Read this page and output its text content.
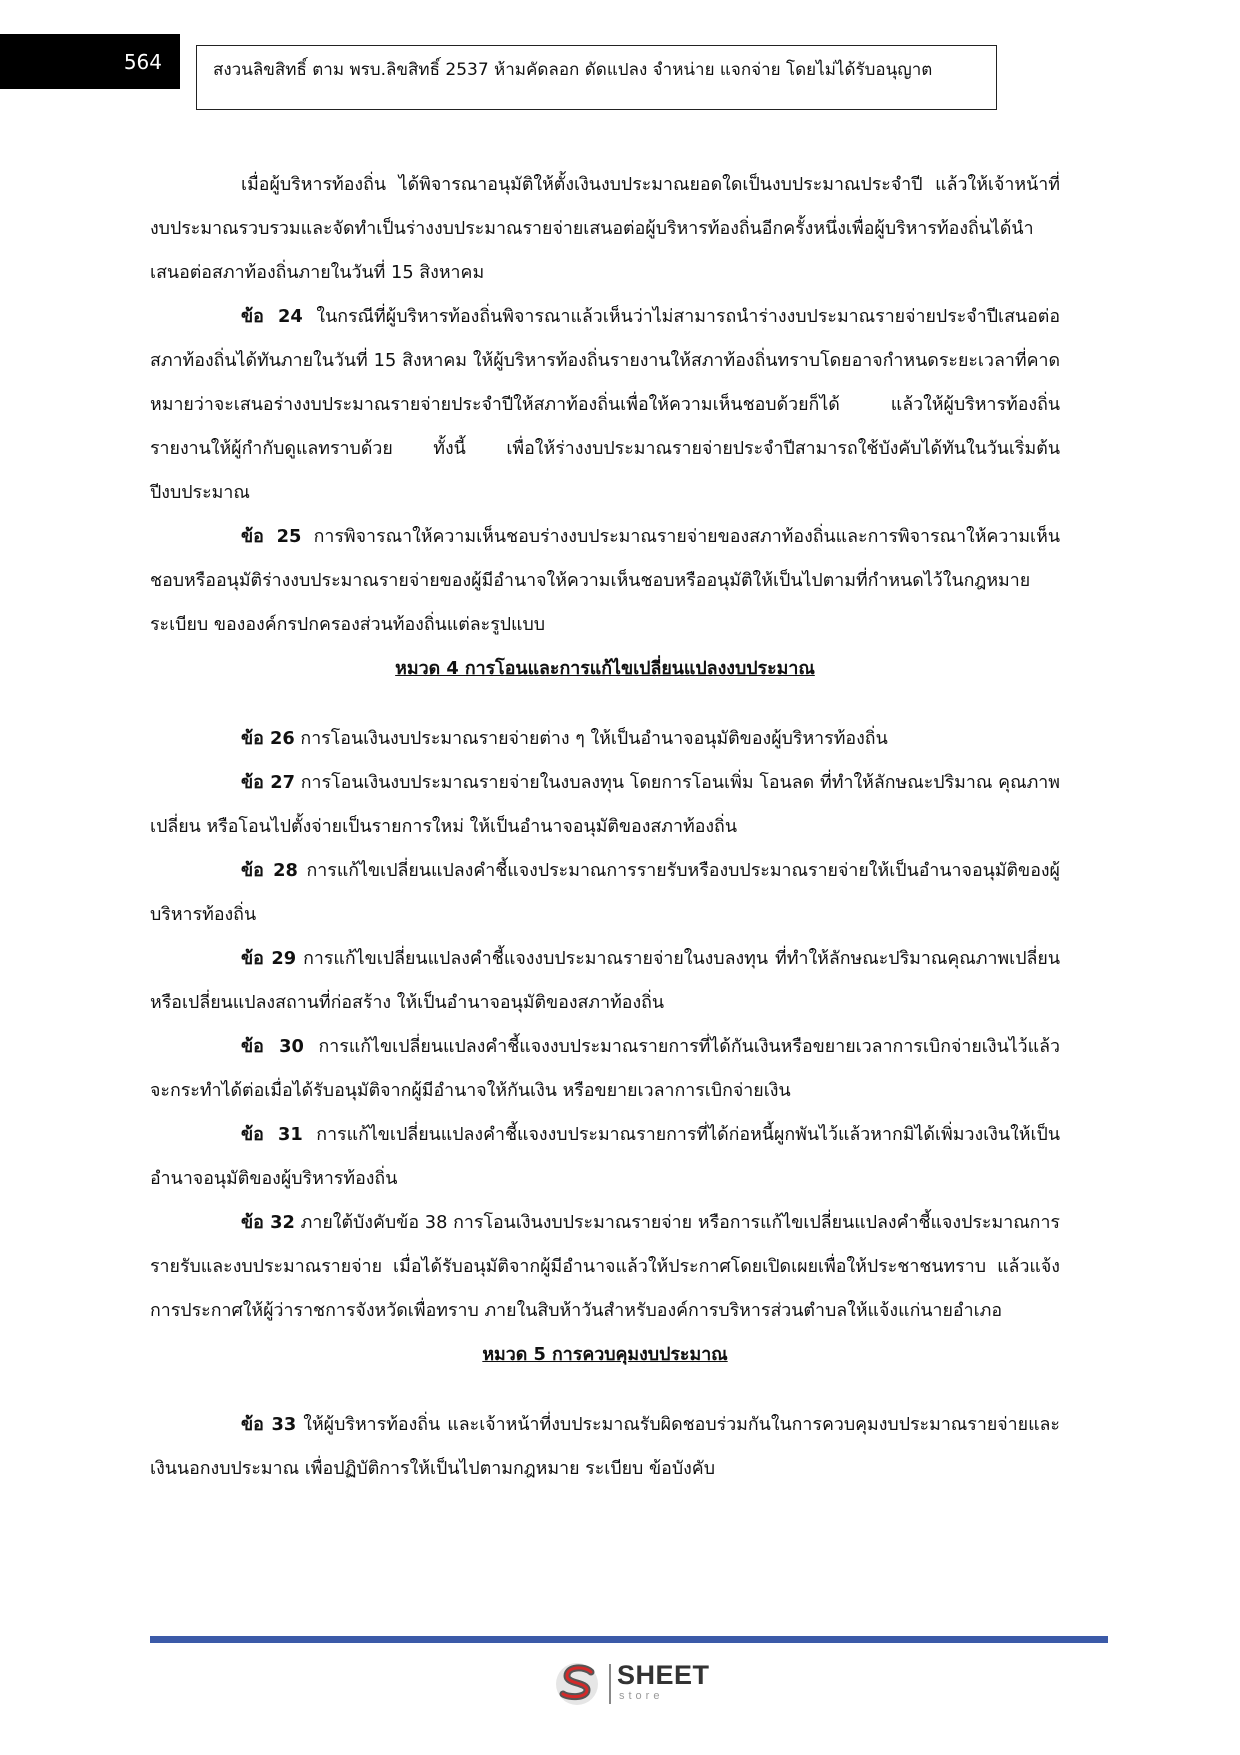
564	สงวนลิขสิทธิ์ ตาม พรบ.ลิขสิทธิ์ 2537 ห้ามคัดลอก ดัดแปลง จำหน่าย แจกจ่าย โดยไม่ได้รับอนุญาต

เมื่อผู้บริหารท้องถิ่น ได้พิจารณาอนุมัติให้ตั้งเงินงบประมาณยอดใดเป็นงบประมาณประจำปี แล้วให้เจ้าหน้าที่งบประมาณรวบรวมและจัดทำเป็นร่างงบประมาณรายจ่ายเสนอต่อผู้บริหารท้องถิ่นอีกครั้งหนึ่งเพื่อผู้บริหารท้องถิ่นได้นำเสนอต่อสภาท้องถิ่นภายในวันที่ 15 สิงหาคม

ข้อ 24 ในกรณีที่ผู้บริหารท้องถิ่นพิจารณาแล้วเห็นว่าไม่สามารถนำร่างงบประมาณรายจ่ายประจำปีเสนอต่อสภาท้องถิ่นได้ทันภายในวันที่ 15 สิงหาคม ให้ผู้บริหารท้องถิ่นรายงานให้สภาท้องถิ่นทราบโดยอาจกำหนดระยะเวลาที่คาดหมายว่าจะเสนอร่างงบประมาณรายจ่ายประจำปีให้สภาท้องถิ่นเพื่อให้ความเห็นชอบด้วยก็ได้ แล้วให้ผู้บริหารท้องถิ่นรายงานให้ผู้กำกับดูแลทราบด้วย ทั้งนี้ เพื่อให้ร่างงบประมาณรายจ่ายประจำปีสามารถใช้บังคับได้ทันในวันเริ่มต้นปีงบประมาณ

ข้อ 25 การพิจารณาให้ความเห็นชอบร่างงบประมาณรายจ่ายของสภาท้องถิ่นและการพิจารณาให้ความเห็นชอบหรืออนุมัติร่างงบประมาณรายจ่ายของผู้มีอำนาจให้ความเห็นชอบหรืออนุมัติให้เป็นไปตามที่กำหนดไว้ในกฎหมาย ระเบียบ ขององค์กรปกครองส่วนท้องถิ่นแต่ละรูปแบบ

หมวด 4 การโอนและการแก้ไขเปลี่ยนแปลงงบประมาณ

ข้อ 26 การโอนเงินงบประมาณรายจ่ายต่าง ๆ ให้เป็นอำนาจอนุมัติของผู้บริหารท้องถิ่น

ข้อ 27 การโอนเงินงบประมาณรายจ่ายในงบลงทุน โดยการโอนเพิ่ม โอนลด ที่ทำให้ลักษณะปริมาณ คุณภาพเปลี่ยน หรือโอนไปตั้งจ่ายเป็นรายการใหม่ ให้เป็นอำนาจอนุมัติของสภาท้องถิ่น

ข้อ 28 การแก้ไขเปลี่ยนแปลงคำชี้แจงประมาณการรายรับหรืองบประมาณรายจ่ายให้เป็นอำนาจอนุมัติของผู้บริหารท้องถิ่น

ข้อ 29 การแก้ไขเปลี่ยนแปลงคำชี้แจงงบประมาณรายจ่ายในงบลงทุน ที่ทำให้ลักษณะปริมาณคุณภาพเปลี่ยน หรือเปลี่ยนแปลงสถานที่ก่อสร้าง ให้เป็นอำนาจอนุมัติของสภาท้องถิ่น

ข้อ 30 การแก้ไขเปลี่ยนแปลงคำชี้แจงงบประมาณรายการที่ได้กันเงินหรือขยายเวลาการเบิกจ่ายเงินไว้แล้ว จะกระทำได้ต่อเมื่อได้รับอนุมัติจากผู้มีอำนาจให้กันเงิน หรือขยายเวลาการเบิกจ่ายเงิน

ข้อ 31 การแก้ไขเปลี่ยนแปลงคำชี้แจงงบประมาณรายการที่ได้ก่อหนี้ผูกพันไว้แล้วหากมิได้เพิ่มวงเงินให้เป็นอำนาจอนุมัติของผู้บริหารท้องถิ่น

ข้อ 32 ภายใต้บังคับข้อ 38 การโอนเงินงบประมาณรายจ่าย หรือการแก้ไขเปลี่ยนแปลงคำชี้แจงประมาณการรายรับและงบประมาณรายจ่าย เมื่อได้รับอนุมัติจากผู้มีอำนาจแล้วให้ประกาศโดยเปิดเผยเพื่อให้ประชาชนทราบ แล้วแจ้งการประกาศให้ผู้ว่าราชการจังหวัดเพื่อทราบ ภายในสิบห้าวันสำหรับองค์การบริหารส่วนตำบลให้แจ้งแก่นายอำเภอ

หมวด 5 การควบคุมงบประมาณ

ข้อ 33 ให้ผู้บริหารท้องถิ่น และเจ้าหน้าที่งบประมาณรับผิดชอบร่วมกันในการควบคุมงบประมาณรายจ่ายและเงินนอกงบประมาณ เพื่อปฏิบัติการให้เป็นไปตามกฎหมาย ระเบียบ ข้อบังคับ

SHEET
store
